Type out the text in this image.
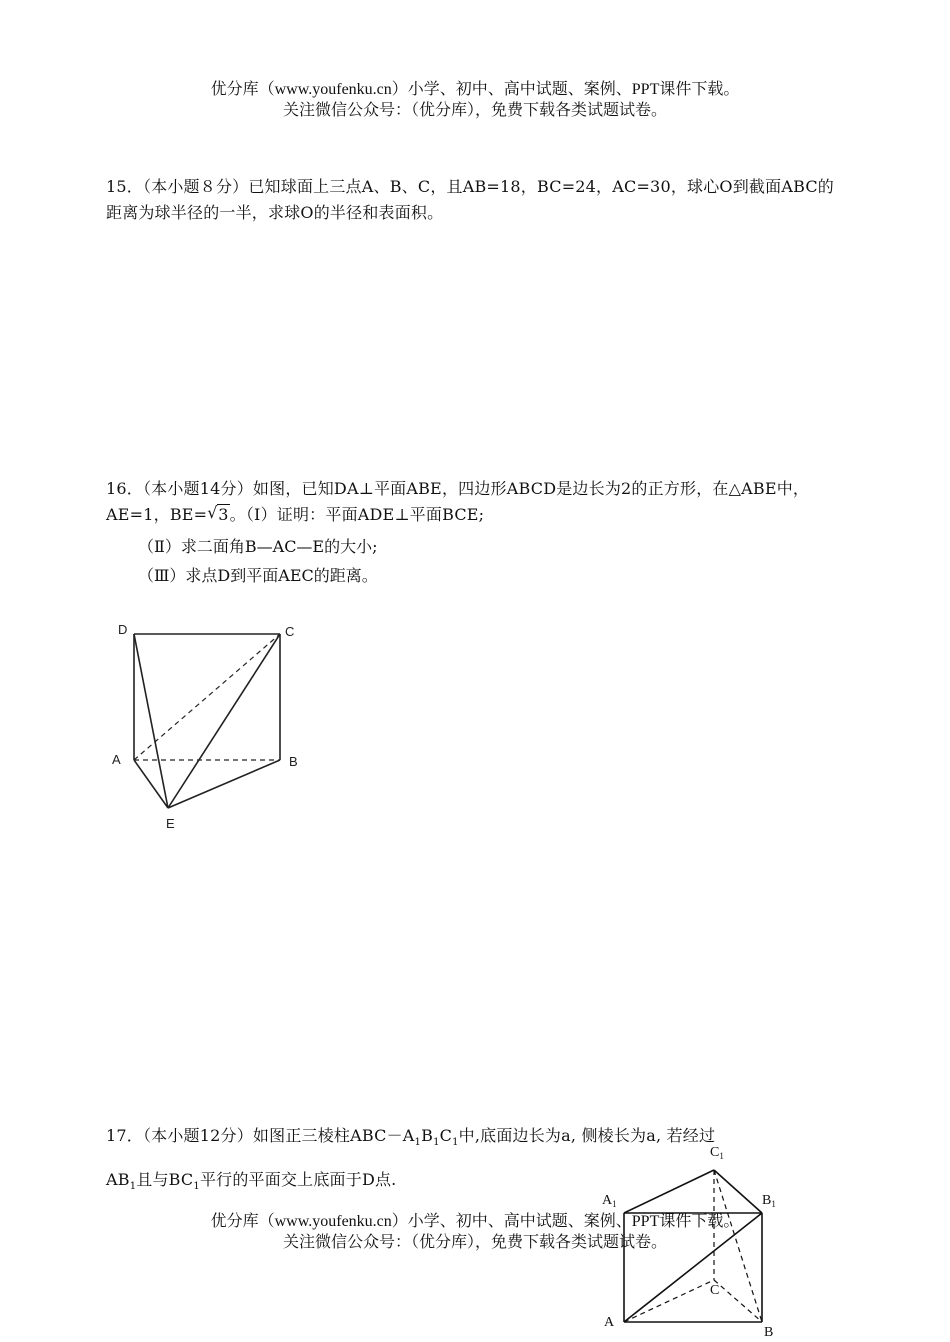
优分库（www.youfenku.cn）小学、初中、高中试题、案例、PPT课件下载。
关注微信公众号：（优分库），免费下载各类试题试卷。
15．（本小题８分）已知球面上三点A、B、C，且AB=18，BC=24，AC=30，球心O到截面ABC的距离为球半径的一半，求球O的半径和表面积。
16．（本小题14分）如图，已知DA⊥平面ABE，四边形ABCD是边长为2的正方形，在△ABE中，AE=1，BE= √ 3。（Ⅰ）证明：平面ADE⊥平面BCE;
（Ⅱ）求二面角B—AC—E的大小;
（Ⅲ）求点D到平面AEC的距离。
D	C
A	B
E
17．（本小题12分）如图正三棱柱$ABC-A_1B_1C_1$中,底面边长为a, 侧棱长为a, 若经过
$AB_1$且与$BC_1$平行的平面交上底面于D点.
$C_1$
$A_1$	$B_1$
C
A
B
优分库（www.youfenku.cn）小学、初中、高中试题、案例、PPT课件下载。
关注微信公众号：（优分库），免费下载各类试题试卷。
